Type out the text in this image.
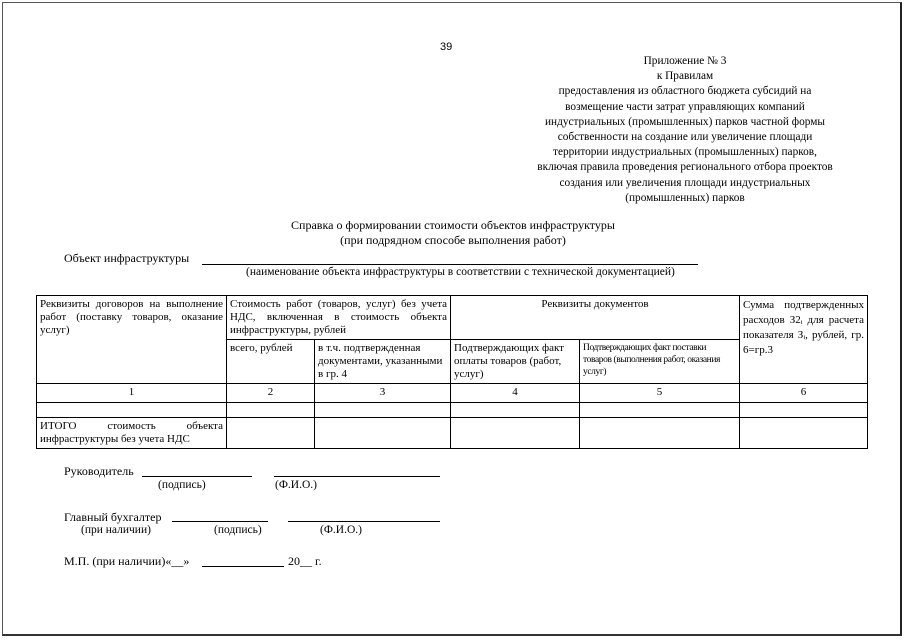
39
Приложение № 3
к Правилам
предоставления из областного бюджета субсидий на
возмещение части затрат управляющих компаний
индустриальных (промышленных) парков частной формы
собственности на создание или увеличение площади
территории индустриальных (промышленных) парков,
включая правила проведения регионального отбора проектов
создания или увеличения площади индустриальных
(промышленных) парков
Справка о формировании стоимости объектов инфраструктуры
(при подрядном способе выполнения работ)
Объект инфраструктуры
(наименование объекта инфраструктуры в соответствии с технической документацией)
Реквизиты договоров на выполнение работ (поставку товаров, оказание услуг)	Стоимость работ (товаров, услуг) без учета НДС, включенная в стоимость объекта инфраструктуры, рублей		Реквизиты документов		Сумма подтвержденных расходов З2ᵢ для расчета показателя Зᵢ, рублей, гр. 6=гр.3
	всего, рублей	в т.ч. подтвержденная документами, указанными в гр. 4	Подтверждающих факт оплаты товаров (работ, услуг)	Подтверждающих факт поставки товаров (выполнения работ, оказания услуг)	
1	2	3	4	5	6

ИТОГО стоимость объекта инфраструктуры без учета НДС					
Руководитель
(подпись)	(Ф.И.О.)
Главный бухгалтер
(при наличии)	(подпись)	(Ф.И.О.)
М.П. (при наличии)«__»	20__ г.
